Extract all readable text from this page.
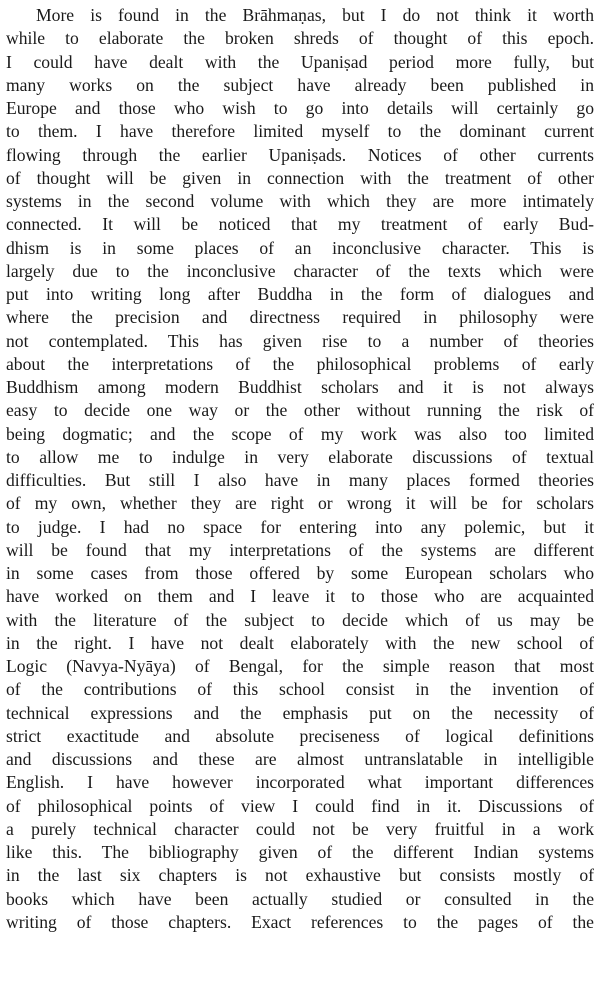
More is found in the Brāhmaṇas, but I do not think it worth
while to elaborate the broken shreds of thought of this epoch.
I could have dealt with the Upaniṣad period more fully, but
many works on the subject have already been published in
Europe and those who wish to go into details will certainly go
to them. I have therefore limited myself to the dominant current
flowing through the earlier Upaniṣads. Notices of other currents
of thought will be given in connection with the treatment of other
systems in the second volume with which they are more intimately
connected. It will be noticed that my treatment of early Bud-
dhism is in some places of an inconclusive character. This is
largely due to the inconclusive character of the texts which were
put into writing long after Buddha in the form of dialogues and
where the precision and directness required in philosophy were
not contemplated. This has given rise to a number of theories
about the interpretations of the philosophical problems of early
Buddhism among modern Buddhist scholars and it is not always
easy to decide one way or the other without running the risk of
being dogmatic; and the scope of my work was also too limited
to allow me to indulge in very elaborate discussions of textual
difficulties. But still I also have in many places formed theories
of my own, whether they are right or wrong it will be for scholars
to judge. I had no space for entering into any polemic, but it
will be found that my interpretations of the systems are different
in some cases from those offered by some European scholars who
have worked on them and I leave it to those who are acquainted
with the literature of the subject to decide which of us may be
in the right. I have not dealt elaborately with the new school of
Logic (Navya-Nyāya) of Bengal, for the simple reason that most
of the contributions of this school consist in the invention of
technical expressions and the emphasis put on the necessity of
strict exactitude and absolute preciseness of logical definitions
and discussions and these are almost untranslatable in intelligible
English. I have however incorporated what important differences
of philosophical points of view I could find in it. Discussions of
a purely technical character could not be very fruitful in a work
like this. The bibliography given of the different Indian systems
in the last six chapters is not exhaustive but consists mostly of
books which have been actually studied or consulted in the
writing of those chapters. Exact references to the pages of the
